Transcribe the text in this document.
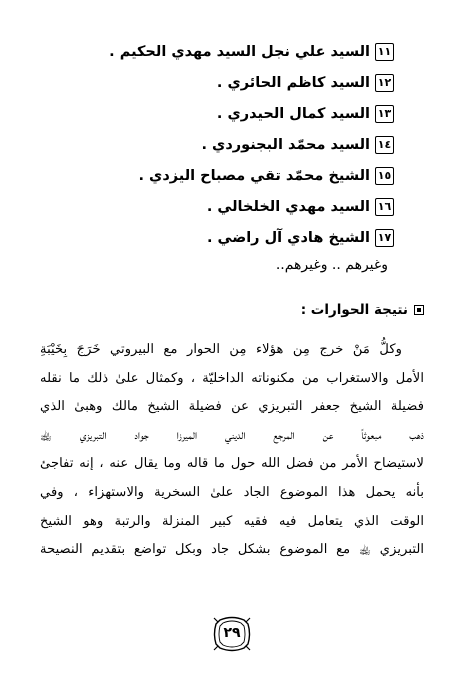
١١
السيد علي نجل السيد مهدي الحكيم .
١٢
السيد كاظم الحائري .
١٣
السيد كمال الحيدري .
١٤
السيد محمّد البجنوردي .
١٥
الشيخ محمّد تقي مصباح اليزدي .
١٦
السيد مهدي الخلخالي .
١٧
الشيخ هادي آل راضي .
وغيرهم .. وغيرهم..
نتيجة الحوارات :
وكلُّ مَنْ خرج مِن هؤلاء مِن الحوار مع البيروتي خَرَجَ بِخَيْبَةِ
الأمل والاستغراب من مكنوناته الداخليّة ، وكمثال علىٰ ذلك ما نقله
فضيلة الشيخ جعفر التبريزي عن فضيلة الشيخ مالك وهبىٰ الذي
ذهب مبعوثاً عن المرجع الديني الميرزا جواد التبريزي ﵀
لاستيضاح الأمر من فضل الله حول ما قاله وما يقال عنه ، إنه تفاجئ
بأنه يحمل هذا الموضوع الجاد علىٰ السخرية والاستهزاء ، وفي
الوقت الذي يتعامل فيه فقيه كبير المنزلة والرتبة وهو الشيخ
التبريزي ﵀ مع الموضوع بشكل جاد وبكل تواضع بتقديم النصيحة
٢٩
